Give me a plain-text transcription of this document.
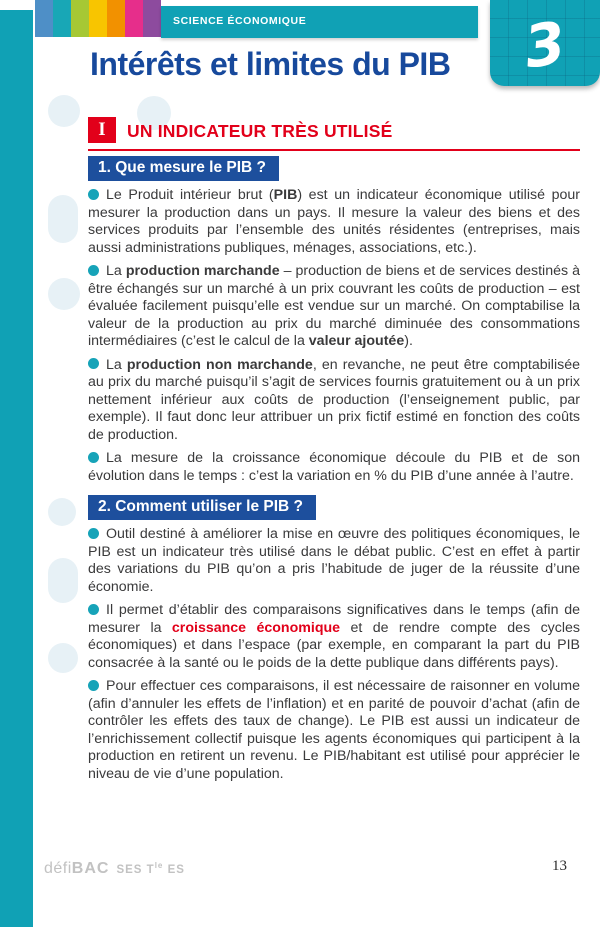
SCIENCE ÉCONOMIQUE	3
Intérêts et limites du PIB
I	UN INDICATEUR TRÈS UTILISÉ
1. Que mesure le PIB ?

Le Produit intérieur brut (PIB) est un indicateur économique utilisé pour mesurer la production dans un pays. Il mesure la valeur des biens et des services produits par l’ensemble des unités résidentes (entreprises, mais aussi administrations publiques, ménages, associations, etc.).

La production marchande – production de biens et de services destinés à être échangés sur un marché à un prix couvrant les coûts de production – est évaluée facilement puisqu’elle est vendue sur un marché. On comptabilise la valeur de la production au prix du marché diminuée des consommations intermédiaires (c’est le calcul de la valeur ajoutée).

La production non marchande, en revanche, ne peut être comptabilisée au prix du marché puisqu’il s’agit de services fournis gratuitement ou à un prix nettement inférieur aux coûts de production (l’enseignement public, par exemple). Il faut donc leur attribuer un prix fictif estimé en fonction des coûts de production.

La mesure de la croissance économique découle du PIB et de son évolution dans le temps : c’est la variation en % du PIB d’une année à l’autre.

2. Comment utiliser le PIB ?

Outil destiné à améliorer la mise en œuvre des politiques économiques, le PIB est un indicateur très utilisé dans le débat public. C’est en effet à partir des variations du PIB qu’on a pris l’habitude de juger de la réussite d’une économie.

Il permet d’établir des comparaisons significatives dans le temps (afin de mesurer la croissance économique et de rendre compte des cycles économiques) et dans l’espace (par exemple, en comparant la part du PIB consacrée à la santé ou le poids de la dette publique dans différents pays).

Pour effectuer ces comparaisons, il est nécessaire de raisonner en volume (afin d’annuler les effets de l’inflation) et en parité de pouvoir d’achat (afin de contrôler les effets des taux de change). Le PIB est aussi un indicateur de l’enrichissement collectif puisque les agents économiques qui participent à la production en retirent un revenu. Le PIB/habitant est utilisé pour apprécier le niveau de vie d’une population.

défiBAC SES $T^{le}$ ES	13
